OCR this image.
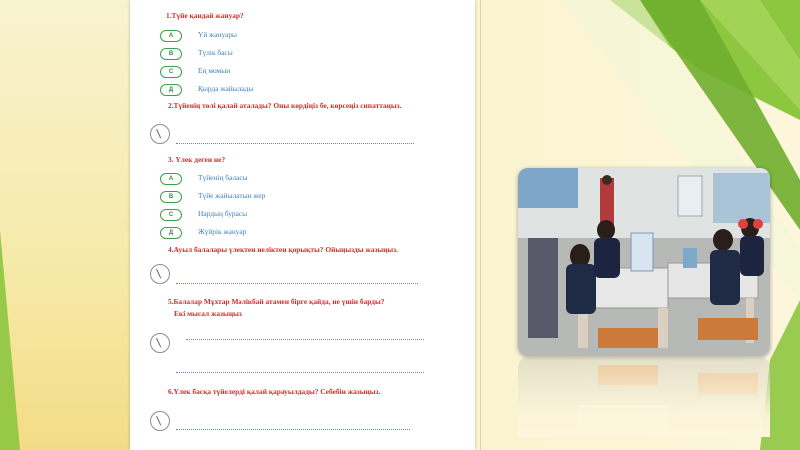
1.Түйе қандай жануар?
А	Үй жануары
В	Түлік басы
С	Ең момын
Д	Қырда жайылады
2.Түйенің төлі қалай аталады? Оны көрдіңіз бе, көрсеңіз сипаттаңыз.
3. Үлек деген не?
А	Түйенің баласы
В	Түйе жайылатын жер
С	Нардың бурасы
Д	Жүйрік жануар
4.Ауыл балалары үлектен неліктен қорықты? Ойыңызды жазыңыз.
5.Балалар Мұхтар Мәлікбай атамен бірге қайда, не үшін барды?
Екі мысал жазыңыз
6.Үлек басқа түйелерді қалай қарауылдады? Себебін жазыңыз.
